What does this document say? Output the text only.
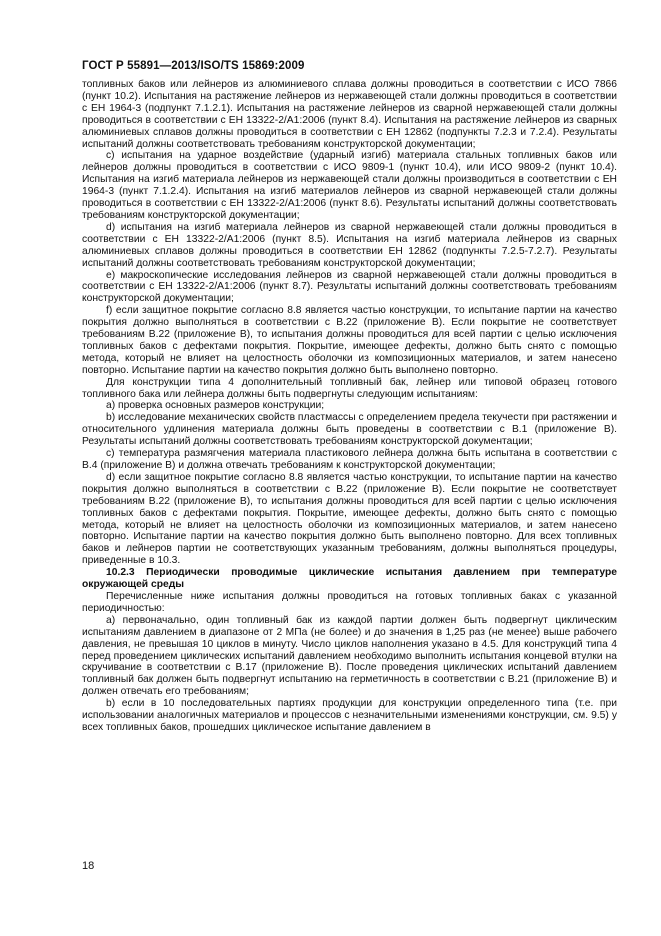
ГОСТ Р 55891—2013/ISO/TS 15869:2009

топливных баков или лейнеров из алюминиевого сплава должны проводиться в соответствии с ИСО 7866 (пункт 10.2). Испытания на растяжение лейнеров из нержавеющей стали должны проводиться в соответствии с ЕН 1964-3 (подпункт 7.1.2.1). Испытания на растяжение лейнеров из сварной нержавеющей стали должны проводиться в соответствии с ЕН 13322-2/А1:2006 (пункт 8.4). Испытания на растяжение лейнеров из сварных алюминиевых сплавов должны проводиться в соответствии с ЕН 12862 (подпункты 7.2.3 и 7.2.4). Результаты испытаний должны соответствовать требованиям конструкторской документации;

с) испытания на ударное воздействие (ударный изгиб) материала стальных топливных баков или лейнеров должны проводиться в соответствии с ИСО 9809-1 (пункт 10.4), или ИСО 9809-2 (пункт 10.4). Испытания на изгиб материала лейнеров из нержавеющей стали должны производиться в соответствии с ЕН 1964-3 (пункт 7.1.2.4). Испытания на изгиб материалов лейнеров из сварной нержавеющей стали должны проводиться в соответствии с ЕН 13322-2/А1:2006 (пункт 8.6). Результаты испытаний должны соответствовать требованиям конструкторской документации;

d) испытания на изгиб материала лейнеров из сварной нержавеющей стали должны проводиться в соответствии с ЕН 13322-2/А1:2006 (пункт 8.5). Испытания на изгиб материала лейнеров из сварных алюминиевых сплавов должны проводиться в соответствии ЕН 12862 (подпункты 7.2.5-7.2.7). Результаты испытаний должны соответствовать требованиям конструкторской документации;

е) макроскопические исследования лейнеров из сварной нержавеющей стали должны проводиться в соответствии с ЕН 13322-2/А1:2006 (пункт 8.7). Результаты испытаний должны соответствовать требованиям конструкторской документации;

f) если защитное покрытие согласно 8.8 является частью конструкции, то испытание партии на качество покрытия должно выполняться в соответствии с В.22 (приложение В). Если покрытие не соответствует требованиям В.22 (приложение В), то испытания должны проводиться для всей партии с целью исключения топливных баков с дефектами покрытия. Покрытие, имеющее дефекты, должно быть снято с помощью метода, который не влияет на целостность оболочки из композиционных материалов, и затем нанесено повторно. Испытание партии на качество покрытия должно быть выполнено повторно.

Для конструкции типа 4 дополнительный топливный бак, лейнер или типовой образец готового топливного бака или лейнера должны быть подвергнуты следующим испытаниям:

а) проверка основных размеров конструкции;

b) исследование механических свойств пластмассы с определением предела текучести при растяжении и относительного удлинения материала должны быть проведены в соответствии с В.1 (приложение В). Результаты испытаний должны соответствовать требованиям конструкторской документации;

с) температура размягчения материала пластикового лейнера должна быть испытана в соответствии с В.4 (приложение В) и должна отвечать требованиям к конструкторской документации;

d) если защитное покрытие согласно 8.8 является частью конструкции, то испытание партии на качество покрытия должно выполняться в соответствии с В.22 (приложение В). Если покрытие не соответствует требованиям В.22 (приложение В), то испытания должны проводиться для всей партии с целью исключения топливных баков с дефектами покрытия. Покрытие, имеющее дефекты, должно быть снято с помощью метода, который не влияет на целостность оболочки из композиционных материалов, и затем нанесено повторно. Испытание партии на качество покрытия должно быть выполнено повторно. Для всех топливных баков и лейнеров партии не соответствующих указанным требованиям, должны выполняться процедуры, приведенные в 10.3.

10.2.3 Периодически проводимые циклические испытания давлением при температуре окружающей среды

Перечисленные ниже испытания должны проводиться на готовых топливных баках с указанной периодичностью:

а) первоначально, один топливный бак из каждой партии должен быть подвергнут циклическим испытаниям давлением в диапазоне от 2 МПа (не более) и до значения в 1,25 раз (не менее) выше рабочего давления, не превышая 10 циклов в минуту. Число циклов наполнения указано в 4.5. Для конструкций типа 4 перед проведением циклических испытаний давлением необходимо выполнить испытания концевой втулки на скручивание в соответствии с В.17 (приложение В). После проведения циклических испытаний давлением топливный бак должен быть подвергнут испытанию на герметичность в соответствии с В.21 (приложение В) и должен отвечать его требованиям;

b) если в 10 последовательных партиях продукции для конструкции определенного типа (т.е. при использовании аналогичных материалов и процессов с незначительными изменениями конструкции, см. 9.5) у всех топливных баков, прошедших циклическое испытание давлением в

18
